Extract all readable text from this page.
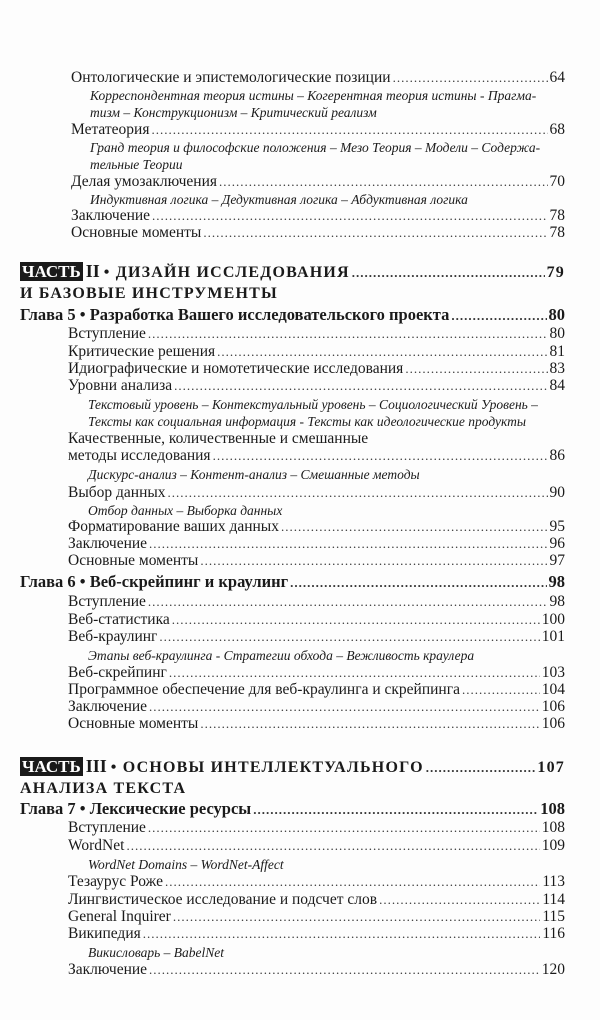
Онтологические и эпистемологические позиции .....	64
Корреспондентная теория истины – Когерентная теория истины - Прагма-
тизм – Конструкционизм – Критический реализм
Метатеория .....	68
Гранд теория и философские положения – Мезо Теория – Модели – Содержа-
тельные Теории
Делая умозаключения .....	70
Индуктивная логика – Дедуктивная логика – Абдуктивная логика
Заключение .....	78
Основные моменты .....	78
ЧАСТЬ II • ДИЗАЙН ИССЛЕДОВАНИЯ .....	79
И БАЗОВЫЕ ИНСТРУМЕНТЫ
Глава 5 • Разработка Вашего исследовательского проекта .....	80
Вступление .....	80
Критические решения .....	81
Идиографические и номотетические исследования .....	83
Уровни анализа .....	84
Текстовый уровень – Контекстуальный уровень – Социологический Уровень –
Тексты как социальная информация - Тексты как идеологические продукты
Качественные, количественные и смешанные
методы исследования .....	86
Дискурс-анализ – Контент-анализ – Смешанные методы
Выбор данных .....	90
Отбор данных – Выборка данных
Форматирование ваших данных .....	95
Заключение .....	96
Основные моменты .....	97
Глава 6 • Веб-скрейпинг и краулинг .....	98
Вступление .....	98
Веб-статистика .....	100
Веб-краулинг .....	101
Этапы веб-краулинга - Стратегии обхода – Вежливость краулера
Веб-скрейпинг .....	103
Программное обеспечение для веб-краулинга и скрейпинга .....	104
Заключение .....	106
Основные моменты .....	106
ЧАСТЬ III • ОСНОВЫ ИНТЕЛЛЕКТУАЛЬНОГО .....	107
АНАЛИЗА ТЕКСТА
Глава 7 • Лексические ресурсы .....	108
Вступление .....	108
WordNet .....	109
WordNet Domains – WordNet-Affect
Тезаурус Роже .....	113
Лингвистическое исследование и подсчет слов .....	114
General Inquirer .....	115
Википедия .....	116
Викисловарь – BabelNet
Заключение .....	120
